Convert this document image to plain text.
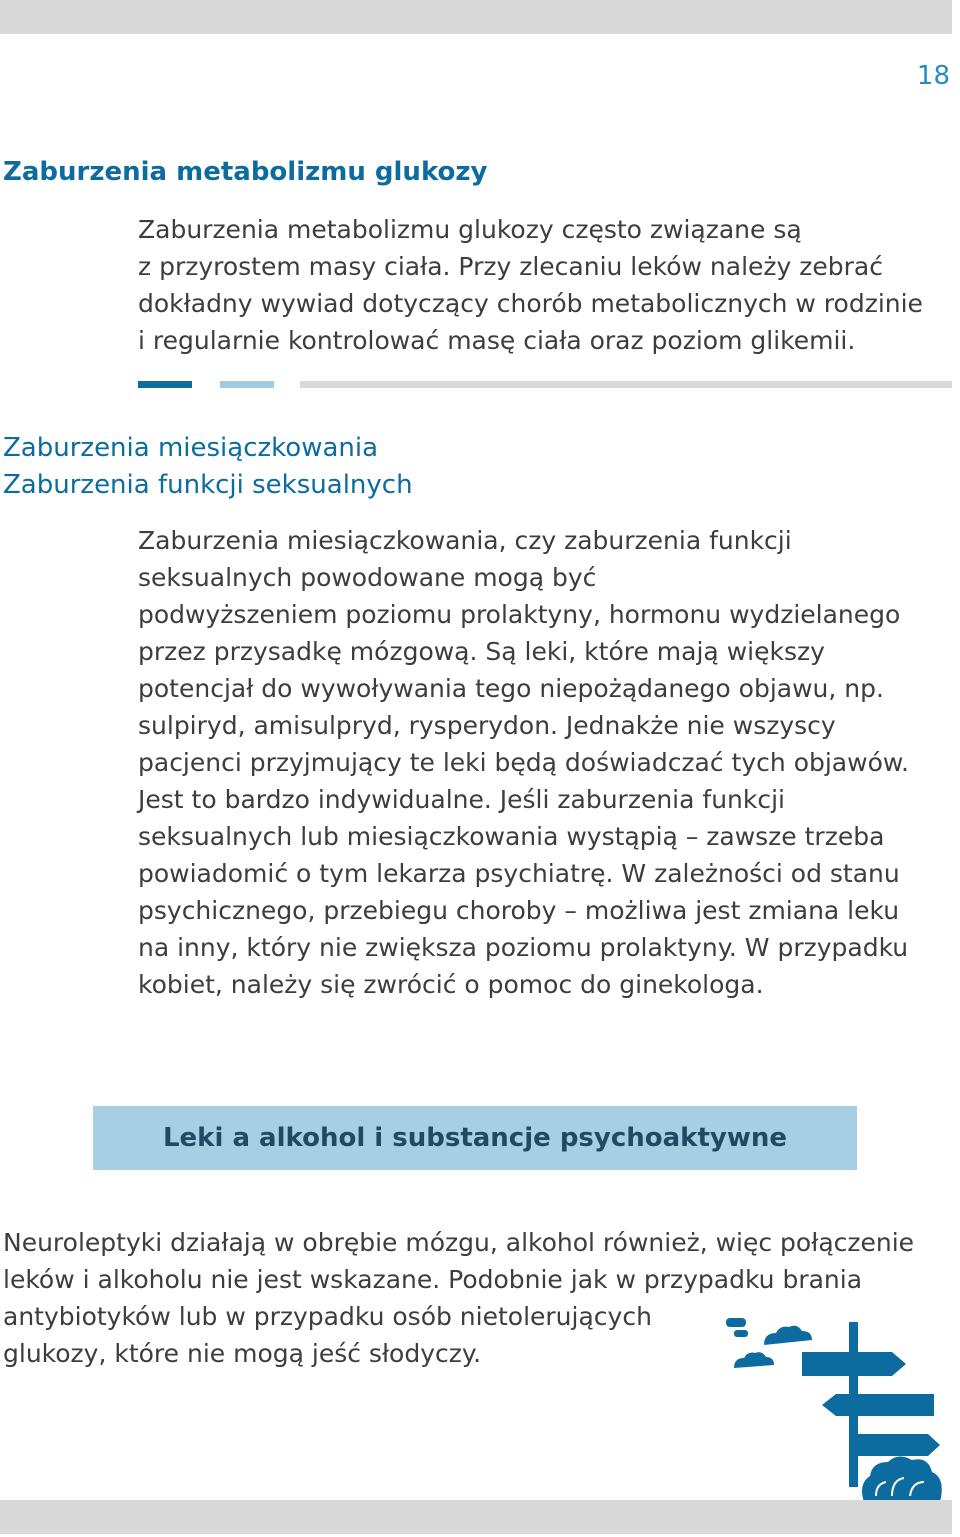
18
Zaburzenia metabolizmu glukozy

Zaburzenia metabolizmu glukozy często związane są
z przyrostem masy ciała. Przy zlecaniu leków należy zebrać
dokładny wywiad dotyczący chorób metabolicznych w rodzinie
i regularnie kontrolować masę ciała oraz poziom glikemii.

Zaburzenia miesiączkowania
Zaburzenia funkcji seksualnych

Zaburzenia miesiączkowania, czy zaburzenia funkcji
seksualnych powodowane mogą być
podwyższeniem poziomu prolaktyny, hormonu wydzielanego
przez przysadkę mózgową. Są leki, które mają większy
potencjał do wywoływania tego niepożądanego objawu, np.
sulpiryd, amisulpryd, rysperydon. Jednakże nie wszyscy
pacjenci przyjmujący te leki będą doświadczać tych objawów.
Jest to bardzo indywidualne. Jeśli zaburzenia funkcji
seksualnych lub miesiączkowania wystąpią – zawsze trzeba
powiadomić o tym lekarza psychiatrę. W zależności od stanu
psychicznego, przebiegu choroby – możliwa jest zmiana leku
na inny, który nie zwiększa poziomu prolaktyny. W przypadku
kobiet, należy się zwrócić o pomoc do ginekologa.

Leki a alkohol i substancje psychoaktywne

Neuroleptyki działają w obrębie mózgu, alkohol również, więc połączenie
leków i alkoholu nie jest wskazane. Podobnie jak w przypadku brania
antybiotyków lub w przypadku osób nietolerujących
glukozy, które nie mogą jeść słodyczy.
